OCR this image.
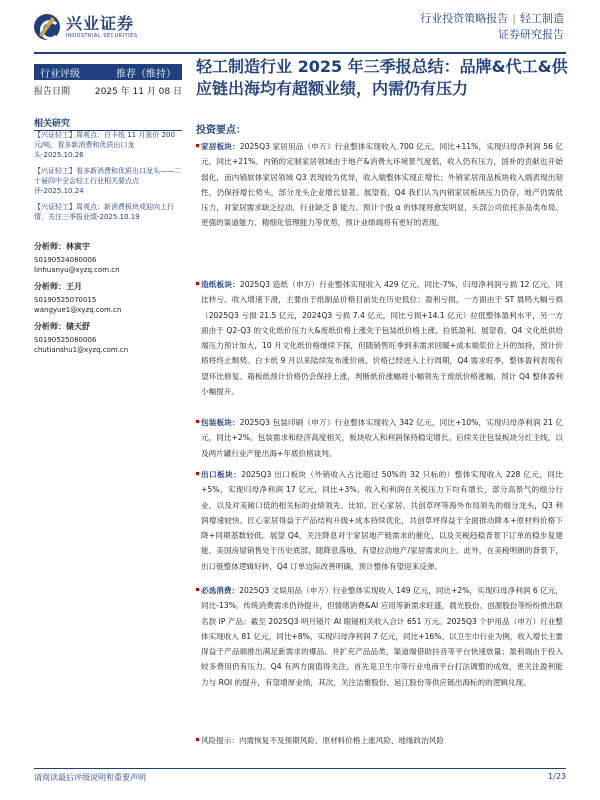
兴业证券
INDUSTRIAL SECURITIES
行业投资策略报告 | 轻工制造
证券研究报告
行业评级	推荐（维持）
报告日期	2025 年 11 月 08 日
相关研究
【兴证轻工】周观点：白卡纸 11 月涨价 200 元/吨，看多新消费和优质出口龙头-2025.10.26
【兴证轻工】看多新消费和优质出口龙头——二十届四中全会轻工行业相关要点点评-2025.10.24
【兴证轻工】周观点：新消费板块或迎向上行情，关注三季报业绩-2025.10.19
分析师：林寅宇
S0190524080006
linhuanyu@xyzq.com.cn
分析师：王月
S0190525070015
wangyue1@xyzq.com.cn
分析师：储天舒
S0190525080006
chutianshu1@xyzq.com.cn
轻工制造行业 2025 年三季报总结：品牌&代工&供应链出海均有超额业绩，内需仍有压力
投资要点：
家居板块：2025Q3 家居用品（申万）行业整体实现收入 700 亿元，同比+11%，实现归母净利润 56 亿元，同比+21%。内销的定制家居领域由于地产&消费大环境景气度低，收入仍有压力，国补的贡献也开始弱化，而内销软体家居领域 Q3 表现较为优异，收入端整体实现正增长；外销家居用品板块收入端表现出韧性，仍保持增长势头，部分龙头企业增长显著。展望看，Q4 我们认为内销家居板块压力仍存，地产仍需低压力，对家居需求缺乏拉动，行业缺乏 β 能力。预计个股 α 的体现将愈发明显，头部公司依托多品类布局、更强的渠道能力、精细化管理能力等优势，预计业绩端将有更好的表现。
造纸板块：2025Q3 造纸（申万）行业整体实现收入 429 亿元，同比-7%，归母净利润亏损 12 亿元，同比转亏。收入增速下滑，主要由于纸制品价格目前处在历史低位；盈利亏损，一方面由于 ST 晨鸣大幅亏损（2025Q3 亏损 21.5 亿元，2024Q3 亏损 7.4 亿元，同比亏损+14.1 亿元）拉低整体盈利水平，另一方面由于 Q2-Q3 的文化纸价压力大&废纸价格上涨先于包装纸价格上涨，拉低盈利。展望看，Q4 文化纸供给端压力预计加大，10 月文化纸价格继续下探，但随销售旺季到来需求回暖+成本端浆价上升的加持，预计价格将终止颓势。白卡纸 9 月以来陆续发布涨价函，价格已经进入上行周期，Q4 需求旺季，整体盈利表现有望环比修复。箱板纸预计价格仍会保持上涨，判断纸价涨幅将小幅领先于废纸价格涨幅，预计 Q4 整体盈利小幅提升。
包装板块：2025Q3 包装印刷（申万）行业整体实现收入 342 亿元，同比+10%，实现归母净利润 21 亿元，同比+2%。包装需求和经济高度相关，板块收入和利润保持稳定增长。后续关注包装板块分红主线，以及两片罐行业产能出海+年底价格谈判。
出口板块：2025Q3 出口板块（外销收入占比超过 50%的 32 只标的）整体实现收入 228 亿元，同比+5%，实现归母净利润 17 亿元，同比+3%。收入和利润在关税压力下均有增长，部分高景气的细分行业，以及对美敞口低的相关标的业绩领先。比如，匠心家居、共创草坪等海外布局领先的细分龙头，Q3 利润增速较快。匠心家居得益于产品结构升级+成本持续优化，共创草坪得益于全面推动降本+原材料价格下降+同期基数较低。展望 Q4，关注降息对于家居地产链需求的催化，以及关税趋稳背景下订单的稳步复建能。美国房屋销售处于历史底部，随降息落地，有望拉动地产/家居需求向上。此外，在美税明朗的背景下，出口链整体逻辑好转，Q4 订单边际改善明确，预计整体有望迎来反弹。
必选消费：2025Q3 文娱用品（申万）行业整体实现收入 149 亿元，同比+2%，实现归母净利润 6 亿元，同比-13%。传统消费需求仍待提升，但情绪消费&AI 应用等新需求旺盛，晨光股份、创源股份等纷纷推出联名款 IP 产品；截至 2025Q3 明月镜片 AI 眼镜相关收入合计 651 万元。2025Q3 个护用品（申万）行业整体实现收入 81 亿元，同比+8%，实现归母净利润 7 亿元，同比+16%。以卫生巾行业为例，收入增长主要得益于产品端推出满足新需求的爆品、并扩充产品品类，渠道端借助抖音等平台快速放量；盈利端由于投入较多费用仍有压力。Q4 有两方面值得关注，首先是卫生巾等行业电商平台打法调整的成效，更关注盈利能力与 ROI 的提升，有望增厚业绩，其次，关注洁雅股份、延江股份等供应链出海标的的逻辑兑现。
风险提示：内需恢复不及预期风险、原材料价格上涨风险、地缘政治风险
请阅读最后评级说明和重要声明	1/23
